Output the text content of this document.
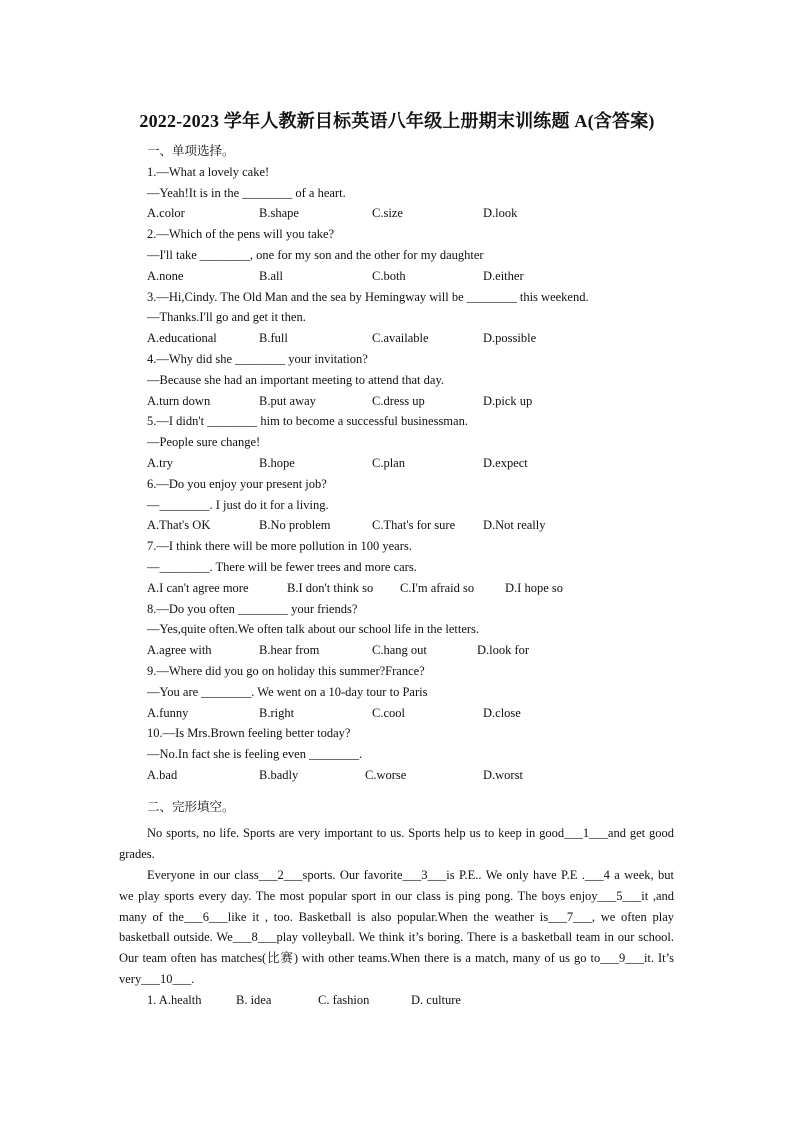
2022-2023 学年人教新目标英语八年级上册期末训练题 A(含答案)
一、单项选择。
1.—What a lovely cake!
—Yeah!It is in the ________ of a heart.
A.color	B.shape	C.size	D.look
2.—Which of the pens will you take?
—I'll take ________, one for my son and the other for my daughter
A.none	B.all	C.both	D.either
3.—Hi,Cindy. The Old Man and the sea by Hemingway will be ________ this weekend.
—Thanks.I'll go and get it then.
A.educational	B.full	C.available	D.possible
4.—Why did she ________ your invitation?
—Because she had an important meeting to attend that day.
A.turn down	B.put away	C.dress up	D.pick up
5.—I didn't ________ him to become a successful businessman.
—People sure change!
A.try	B.hope	C.plan	D.expect
6.—Do you enjoy your present job?
—________. I just do it for a living.
A.That's OK	B.No problem	C.That's for sure	D.Not really
7.—I think there will be more pollution in 100 years.
—________. There will be fewer trees and more cars.
A.I can't agree more	B.I don't think so	C.I'm afraid so	D.I hope so
8.—Do you often ________ your friends?
—Yes,quite often.We often talk about our school life in the letters.
A.agree with	B.hear from	C.hang out	D.look for
9.—Where did you go on holiday this summer?France?
—You are ________. We went on a 10-day tour to Paris
A.funny	B.right	C.cool	D.close
10.—Is Mrs.Brown feeling better today?
—No.In fact she is feeling even ________.
A.bad	B.badly	C.worse	D.worst
二、完形填空。
No sports, no life. Sports are very important to us. Sports help us to keep in good___1___and get good grades.
Everyone in our class___2___sports. Our favorite___3___is P.E.. We only have P.E .___4 a week, but we play sports every day. The most popular sport in our class is ping pong. The boys enjoy___5___it ,and many of the___6___like it , too. Basketball is also popular.When the weather is___7___, we often play basketball outside. We___8___play volleyball. We think it’s boring. There is a basketball team in our school. Our team often has matches(比赛) with other teams.When there is a match, many of us go to___9___it. It’s very___10___.
1. A.health	B. idea	C. fashion	D. culture
